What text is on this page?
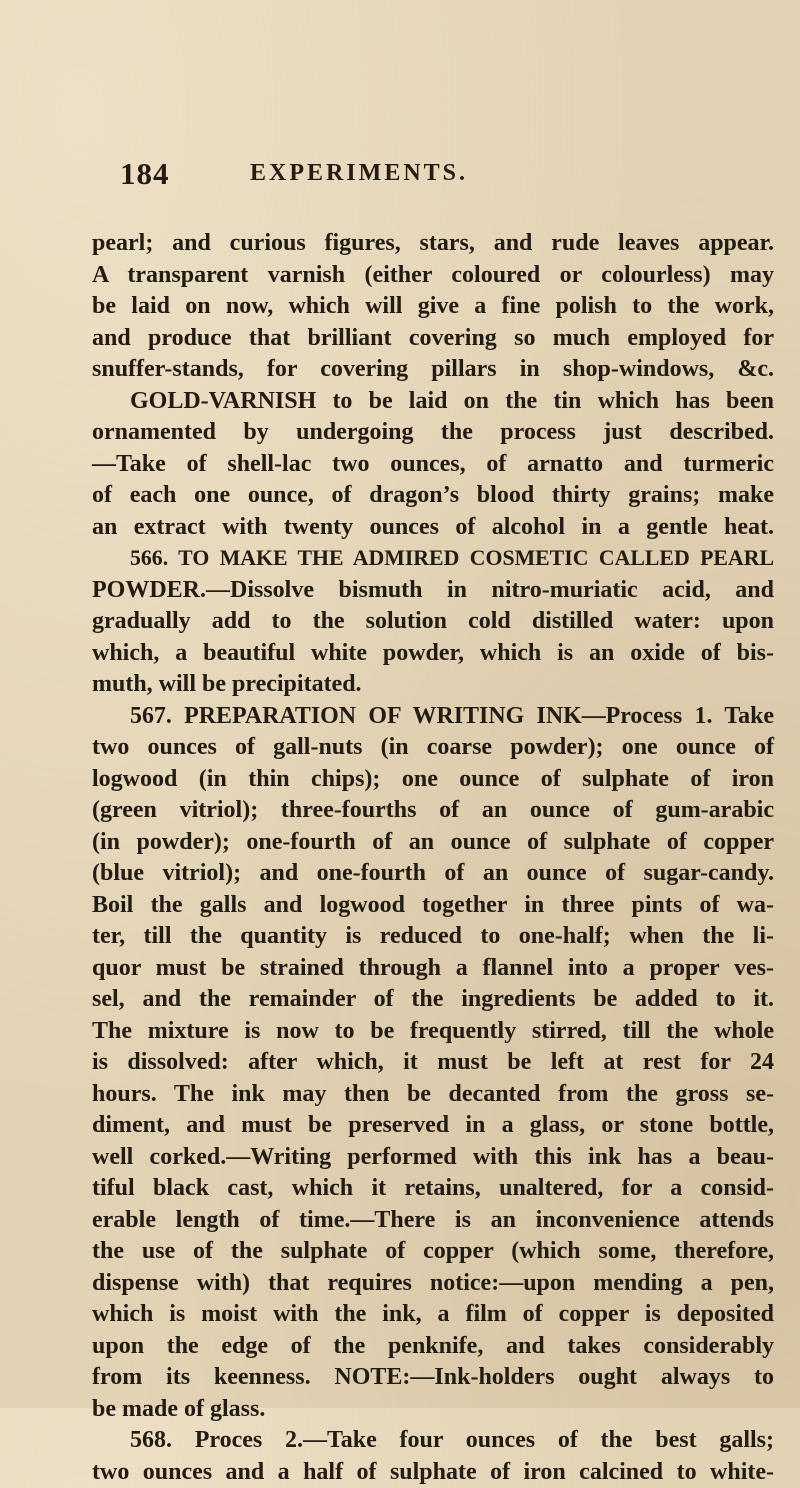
184	EXPERIMENTS.
pearl; and curious figures, stars, and rude leaves appear.
A transparent varnish (either coloured or colourless) may
be laid on now, which will give a fine polish to the work,
and produce that brilliant covering so much employed for
snuffer-stands, for covering pillars in shop-windows, &c.
GOLD-VARNISH to be laid on the tin which has been
ornamented by undergoing the process just described.
—Take of shell-lac two ounces, of arnatto and turmeric
of each one ounce, of dragon’s blood thirty grains; make
an extract with twenty ounces of alcohol in a gentle heat.
566. TO MAKE THE ADMIRED COSMETIC CALLED PEARL
POWDER.—Dissolve bismuth in nitro-muriatic acid, and
gradually add to the solution cold distilled water: upon
which, a beautiful white powder, which is an oxide of bis-
muth, will be precipitated.
567. PREPARATION OF WRITING INK—Process 1. Take
two ounces of gall-nuts (in coarse powder); one ounce of
logwood (in thin chips); one ounce of sulphate of iron
(green vitriol); three-fourths of an ounce of gum-arabic
(in powder); one-fourth of an ounce of sulphate of copper
(blue vitriol); and one-fourth of an ounce of sugar-candy.
Boil the galls and logwood together in three pints of wa-
ter, till the quantity is reduced to one-half; when the li-
quor must be strained through a flannel into a proper ves-
sel, and the remainder of the ingredients be added to it.
The mixture is now to be frequently stirred, till the whole
is dissolved: after which, it must be left at rest for 24
hours. The ink may then be decanted from the gross se-
diment, and must be preserved in a glass, or stone bottle,
well corked.—Writing performed with this ink has a beau-
tiful black cast, which it retains, unaltered, for a consid-
erable length of time.—There is an inconvenience attends
the use of the sulphate of copper (which some, therefore,
dispense with) that requires notice:—upon mending a pen,
which is moist with the ink, a film of copper is deposited
upon the edge of the penknife, and takes considerably
from its keenness. NOTE:—Ink-holders ought always to
be made of glass.
568. Proces 2.—Take four ounces of the best galls;
two ounces and a half of sulphate of iron calcined to white-
